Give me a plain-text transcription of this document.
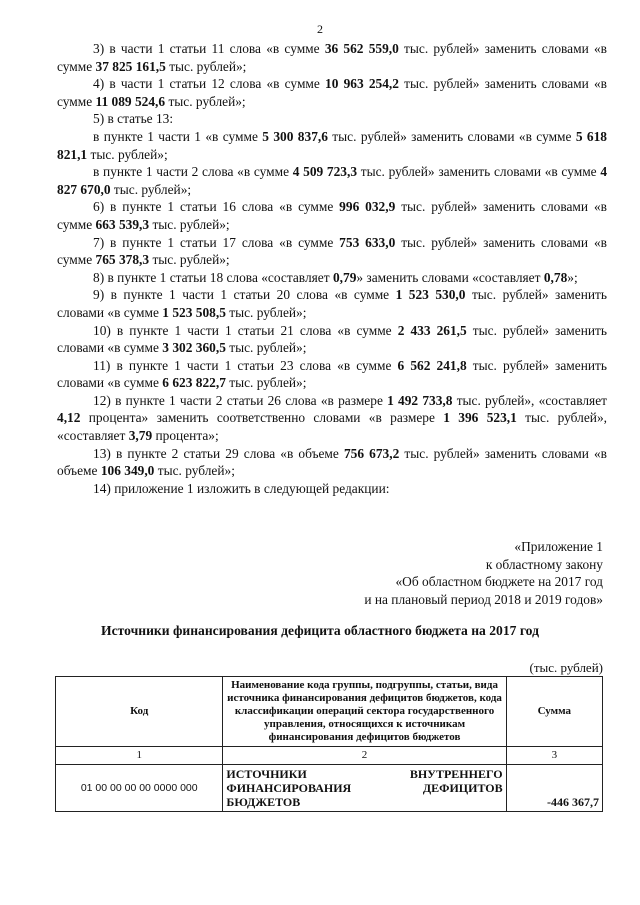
2

3) в части 1 статьи 11 слова «в сумме 36 562 559,0 тыс. рублей» заменить словами «в сумме 37 825 161,5 тыс. рублей»;

4) в части 1 статьи 12 слова «в сумме 10 963 254,2 тыс. рублей» заменить словами «в сумме 11 089 524,6 тыс. рублей»;

5) в статье 13:

в пункте 1 части 1 «в сумме 5 300 837,6 тыс. рублей» заменить словами «в сумме 5 618 821,1 тыс. рублей»;

в пункте 1 части 2 слова «в сумме 4 509 723,3 тыс. рублей» заменить словами «в сумме 4 827 670,0 тыс. рублей»;

6) в пункте 1 статьи 16 слова «в сумме 996 032,9 тыс. рублей» заменить словами «в сумме 663 539,3 тыс. рублей»;

7) в пункте 1 статьи 17 слова «в сумме 753 633,0 тыс. рублей» заменить словами «в сумме 765 378,3 тыс. рублей»;

8) в пункте 1 статьи 18 слова «составляет 0,79» заменить словами «составляет 0,78»;

9) в пункте 1 части 1 статьи 20 слова «в сумме 1 523 530,0 тыс. рублей» заменить словами «в сумме 1 523 508,5 тыс. рублей»;

10) в пункте 1 части 1 статьи 21 слова «в сумме 2 433 261,5 тыс. рублей» заменить словами «в сумме 3 302 360,5 тыс. рублей»;

11) в пункте 1 части 1 статьи 23 слова «в сумме 6 562 241,8 тыс. рублей» заменить словами «в сумме 6 623 822,7 тыс. рублей»;

12) в пункте 1 части 2 статьи 26 слова «в размере 1 492 733,8 тыс. рублей», «составляет 4,12 процента» заменить соответственно словами «в размере 1 396 523,1 тыс. рублей», «составляет 3,79 процента»;

13) в пункте 2 статьи 29 слова «в объеме 756 673,2 тыс. рублей» заменить словами «в объеме 106 349,0 тыс. рублей»;

14) приложение 1 изложить в следующей редакции:

«Приложение 1
к областному закону
«Об областном бюджете на 2017 год
и на плановый период 2018 и 2019 годов»
Источники финансирования дефицита областного бюджета на 2017 год
(тыс. рублей)
Код	Наименование кода группы, подгруппы, статьи, вида источника финансирования дефицитов бюджетов, кода классификации операций сектора государственного управления, относящихся к источникам финансирования дефицитов бюджетов	Сумма
1	2	3
01 00 00 00 00 0000 000	ИСТОЧНИКИ ВНУТРЕННЕГО ФИНАНСИРОВАНИЯ ДЕФИЦИТОВ БЮДЖЕТОВ	-446 367,7
